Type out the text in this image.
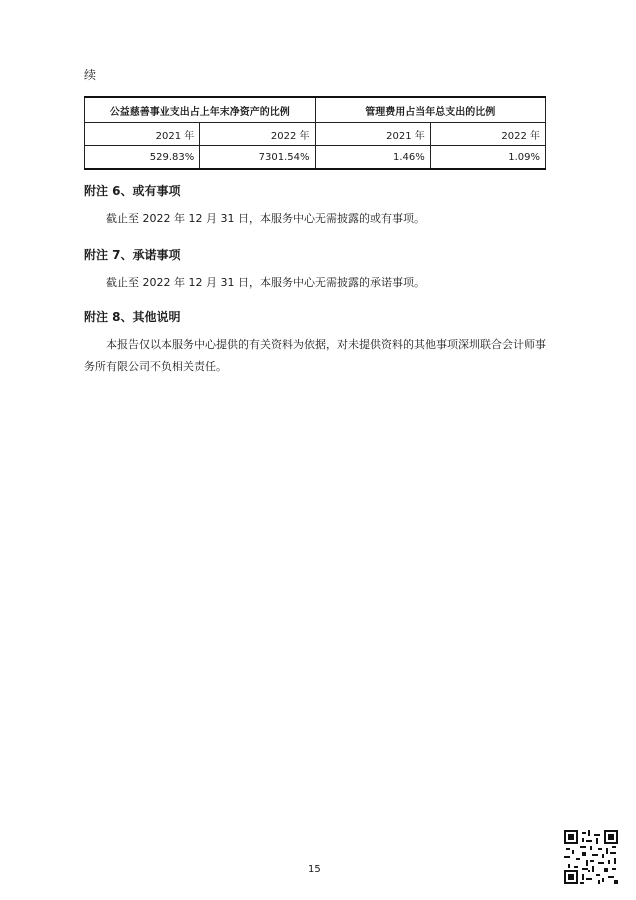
续
公益慈善事业支出占上年末净资产的比例		管理费用占当年总支出的比例	
2021 年	2022 年	2021 年	2022 年
529.83%	7301.54%	1.46%	1.09%
附注 6、或有事项
截止至 2022 年 12 月 31 日，本服务中心无需披露的或有事项。
附注 7、承诺事项
截止至 2022 年 12 月 31 日，本服务中心无需披露的承诺事项。
附注 8、其他说明
本报告仅以本服务中心提供的有关资料为依据，对未提供资料的其他事项深圳联合会计师事务所有限公司不负相关责任。
15
